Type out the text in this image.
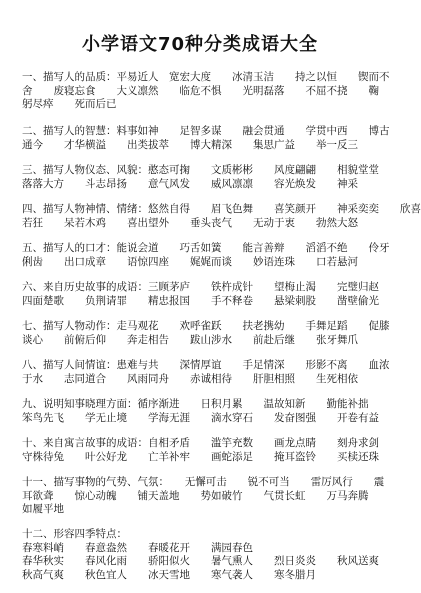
小学语文70种分类成语大全
一、描写人的品质：平易近人　宽宏大度　　冰清玉洁　　持之以恒　　锲而不
舍　　废寝忘食　　大义凛然　　临危不惧　　光明磊落　　不屈不挠　　鞠
躬尽瘁　　死而后已
二、描写人的智慧：料事如神　　足智多谋　　融会贯通　　学贯中西　　博古
通今　　才华横溢　　出类拔萃　　博大精深　　集思广益　　举一反三
三、描写人物仪态、风貌：憨态可掬　　文质彬彬　　风度翩翩　　相貌堂堂
落落大方　　斗志昂扬　　意气风发　　威风凛凛　　容光焕发　　神采
四、描写人物神情、情绪：悠然自得　　眉飞色舞　　喜笑颜开　　神采奕奕　　欣喜
若狂　　呆若木鸡　　喜出望外　　垂头丧气　　无动于衷　　勃然大怒
五、描写人的口才：能说会道　　巧舌如簧　　能言善辩　　滔滔不绝　　伶牙
俐齿　　出口成章　　语惊四座　　娓娓而谈　　妙语连珠　　口若悬河
六、来自历史故事的成语：三顾茅庐　　铁杵成针　　望梅止渴　　完璧归赵
四面楚歌　　负荆请罪　　精忠报国　　手不释卷　　悬梁刺股　　凿壁偷光
七、描写人物动作：走马观花　　欢呼雀跃　　扶老携幼　　手舞足蹈　　促膝
谈心　　前俯后仰　　奔走相告　　跋山涉水　　前赴后继　　张牙舞爪
八、描写人间情谊：患难与共　　深情厚谊　　手足情深　　形影不离　　血浓
于水　　志同道合　　风雨同舟　　赤诚相待　　肝胆相照　　生死相依
九、说明知事晓理方面：循序渐进　　日积月累　　温故知新　　勤能补拙
笨鸟先飞　　学无止境　　学海无涯　　滴水穿石　　发奋图强　　开卷有益
十、来自寓言故事的成语：自相矛盾　　滥竽充数　　画龙点睛　　刻舟求剑
守株待兔　　叶公好龙　　亡羊补牢　　画蛇添足　　掩耳盗铃　　买椟还珠
十一、描写事物的气势、气氛：　　无懈可击　　锐不可当　　雷厉风行　　震
耳欲聋　　惊心动魄　　铺天盖地　　势如破竹　　气贯长虹　　万马奔腾
如履平地
十二、形容四季特点：
春寒料峭　　春意盎然　　春暖花开　　满园春色
春华秋实　　春风化雨　　骄阳似火　　暑气熏人　　烈日炎炎　　秋风送爽
秋高气爽　　秋色宜人　　冰天雪地　　寒气袭人　　寒冬腊月
